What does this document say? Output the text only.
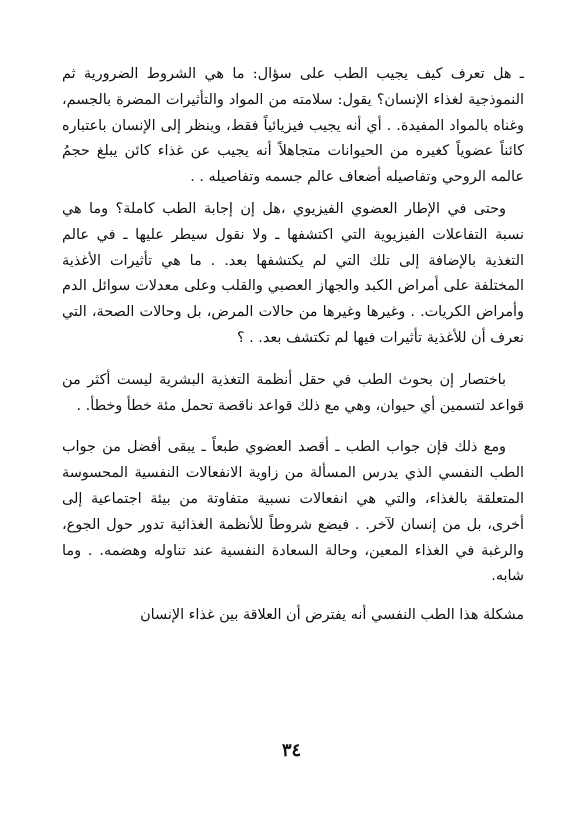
ـ هل تعرف كيف يجيب الطب على سؤال: ما هي الشروط الضرورية ثم النموذجية لغذاء الإنسان؟ يقول: سلامته من المواد والتأثيرات المضرة بالجسم، وغناه بالمواد المفيدة. . أي أنه يجيب فيزيائياً فقط، وينظر إلى الإنسان باعتباره كائناً عضوياً كغيره من الحيوانات متجاهلاً أنه يجيب عن غذاء كائن يبلغ حجمُ عالمه الروحي وتفاصيله أضعاف عالم جسمه وتفاصيله . .

وحتى في الإطار العضوي الفيزيوي ،هل إن إجابة الطب كاملة؟ وما هي نسبة التفاعلات الفيزيوية التي اكتشفها ـ ولا نقول سيطر عليها ـ في عالم التغذية بالإضافة إلى تلك التي لم يكتشفها بعد. . ما هي تأثيرات الأغذية المختلفة على أمراض الكبد والجهاز العصبي والقلب وعلى معدلات سوائل الدم وأمراض الكريات. . وغيرها وغيرها من حالات المرض، بل وحالات الصحة، التي نعرف أن للأغذية تأثيرات فيها لم تكتشف بعد. . ؟

باختصار إن بحوث الطب في حقل أنظمة التغذية البشرية ليست أكثر من قواعد لتسمين أي حيوان، وهي مع ذلك قواعد ناقصة تحمل مئة خطأ وخطأ. .

ومع ذلك فإن جواب الطب ـ أقصد العضوي طبعاً ـ يبقى أفضل من جواب الطب النفسي الذي يدرس المسألة من زاوية الانفعالات النفسية المحسوسة المتعلقة بالغذاء، والتي هي انفعالات نسبية متفاوتة من بيئة اجتماعية إلى أخرى، بل من إنسان لآخر. . فيضع شروطاً للأنظمة الغذائية تدور حول الجوع، والرغبة في الغذاء المعين، وحالة السعادة النفسية عند تناوله وهضمه. . وما شابه.

مشكلة هذا الطب النفسي أنه يفترض أن العلاقة بين غذاء الإنسان

٣٤
